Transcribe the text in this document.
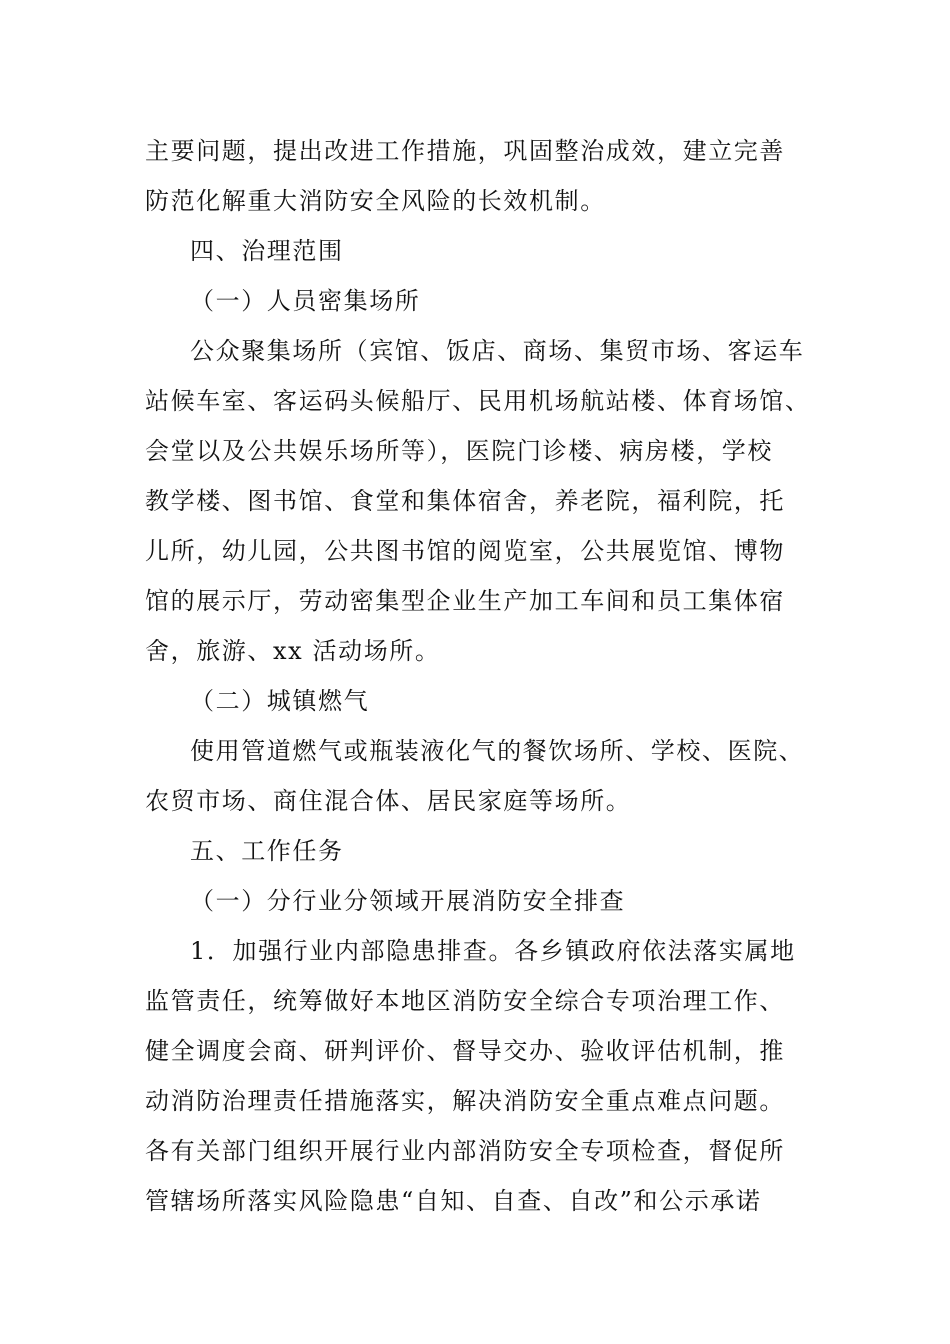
主要问题，提出改进工作措施，巩固整治成效，建立完善
防范化解重大消防安全风险的长效机制。
四、治理范围
（一）人员密集场所
公众聚集场所（宾馆、饭店、商场、集贸市场、客运车
站候车室、客运码头候船厅、民用机场航站楼、体育场馆、
会堂以及公共娱乐场所等），医院门诊楼、病房楼，学校
教学楼、图书馆、食堂和集体宿舍，养老院，福利院，托
儿所，幼儿园，公共图书馆的阅览室，公共展览馆、博物
馆的展示厅，劳动密集型企业生产加工车间和员工集体宿
舍，旅游、xx 活动场所。
（二）城镇燃气
使用管道燃气或瓶装液化气的餐饮场所、学校、医院、
农贸市场、商住混合体、居民家庭等场所。
五、工作任务
（一）分行业分领域开展消防安全排查
1．加强行业内部隐患排查。各乡镇政府依法落实属地
监管责任，统筹做好本地区消防安全综合专项治理工作、
健全调度会商、研判评价、督导交办、验收评估机制，推
动消防治理责任措施落实，解决消防安全重点难点问题。
各有关部门组织开展行业内部消防安全专项检查，督促所
管辖场所落实风险隐患“自知、自查、自改”和公示承诺
